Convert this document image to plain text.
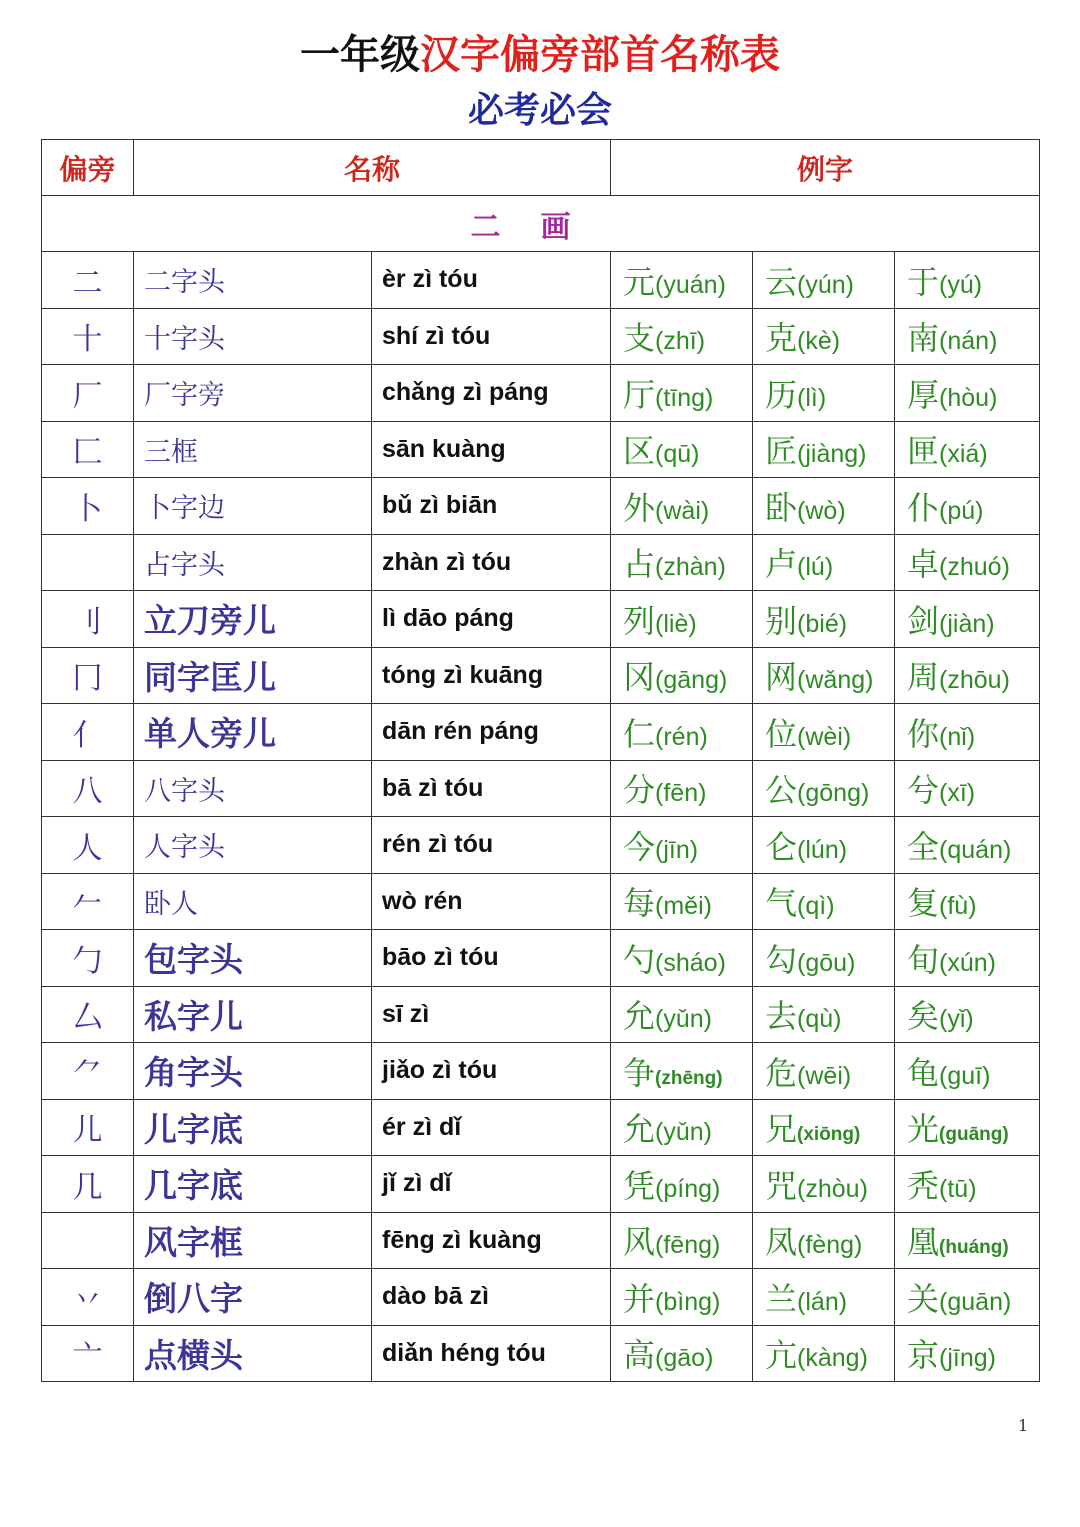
一年级汉字偏旁部首名称表
必考必会
偏旁	名称		例字		
二画					
二	二字头	èr zì tóu	元(yuán)	云(yún)	于(yú)
十	十字头	shí zì tóu	支(zhī)	克(kè)	南(nán)
厂	厂字旁	chǎng zì páng	厅(tīng)	历(lì)	厚(hòu)
匚	三框	sān kuàng	区(qū)	匠(jiàng)	匣(xiá)
卜	卜字边	bǔ zì biān	外(wài)	卧(wò)	仆(pú)
	占字头	zhàn zì tóu	占(zhàn)	卢(lú)	卓(zhuó)
刂	立刀旁儿	lì dāo páng	列(liè)	别(bié)	剑(jiàn)
冂	同字匡儿	tóng zì kuāng	冈(gāng)	网(wǎng)	周(zhōu)
亻	单人旁儿	dān rén páng	仁(rén)	位(wèi)	你(nǐ)
八	八字头	bā zì tóu	分(fēn)	公(gōng)	兮(xī)
人	人字头	rén zì tóu	今(jīn)	仑(lún)	全(quán)
𠂉	卧人	wò rén	每(měi)	气(qì)	复(fù)
勹	包字头	bāo zì tóu	勺(sháo)	勾(gōu)	旬(xún)
厶	私字儿	sī zì	允(yǔn)	去(qù)	矣(yǐ)
⺈	角字头	jiǎo zì tóu	争(zhēng)	危(wēi)	龟(guī)
儿	儿字底	ér zì dǐ	允(yǔn)	兄(xiōng)	光(guāng)
几	几字底	jǐ zì dǐ	凭(píng)	咒(zhòu)	秃(tū)
	风字框	fēng zì kuàng	风(fēng)	凤(fèng)	凰(huáng)
丷	倒八字	dào bā zì	并(bìng)	兰(lán)	关(guān)
亠	点横头	diǎn héng tóu	高(gāo)	亢(kàng)	京(jīng)
1
